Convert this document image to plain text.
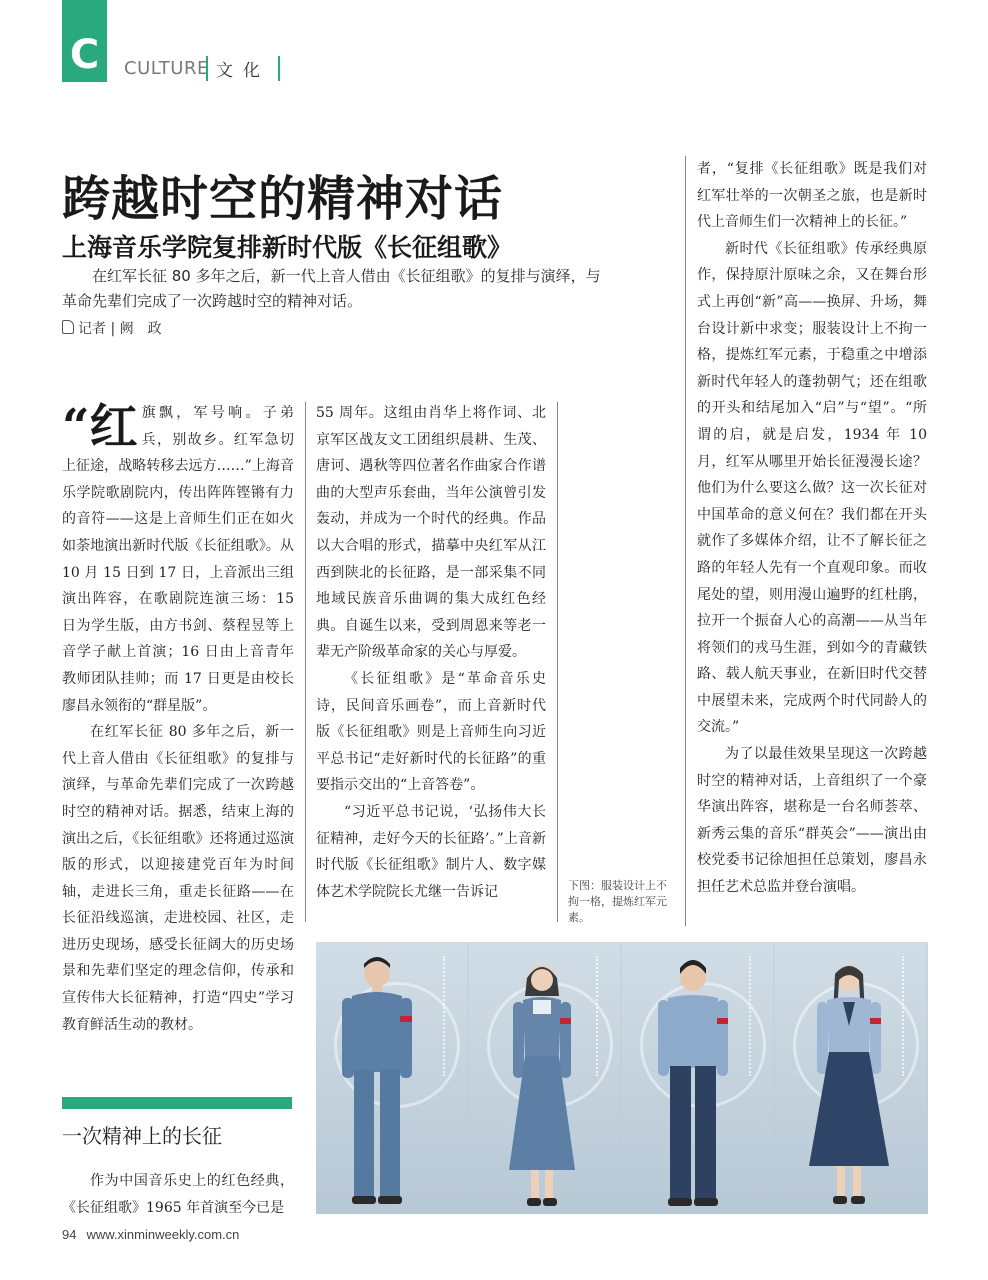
C CULTURE 文化
跨越时空的精神对话
上海音乐学院复排新时代版《长征组歌》
在红军长征 80 多年之后，新一代上音人借由《长征组歌》的复排与演绎，与革命先辈们完成了一次跨越时空的精神对话。
记者 | 阙　政

“红旗飘，军号响。子弟兵，别故乡。红军急切上征途，战略转移去远方……”上海音乐学院歌剧院内，传出阵阵铿锵有力的音符——这是上音师生们正在如火如荼地演出新时代版《长征组歌》。从 10 月 15 日到 17 日，上音派出三组演出阵容，在歌剧院连演三场：15 日为学生版，由方书剑、蔡程昱等上音学子献上首演；16 日由上音青年教师团队挂帅；而 17 日更是由校长廖昌永领衔的“群星版”。

在红军长征 80 多年之后，新一代上音人借由《长征组歌》的复排与演绎，与革命先辈们完成了一次跨越时空的精神对话。据悉，结束上海的演出之后，《长征组歌》还将通过巡演版的形式，以迎接建党百年为时间轴，走进长三角，重走长征路——在长征沿线巡演，走进校园、社区，走进历史现场，感受长征阔大的历史场景和先辈们坚定的理念信仰，传承和宣传伟大长征精神，打造“四史”学习教育鲜活生动的教材。

55 周年。这组由肖华上将作词、北京军区战友文工团组织晨耕、生茂、唐诃、遇秋等四位著名作曲家合作谱曲的大型声乐套曲，当年公演曾引发轰动，并成为一个时代的经典。作品以大合唱的形式，描摹中央红军从江西到陕北的长征路，是一部采集不同地域民族音乐曲调的集大成红色经典。自诞生以来，受到周恩来等老一辈无产阶级革命家的关心与厚爱。

《长征组歌》是“革命音乐史诗，民间音乐画卷”，而上音新时代版《长征组歌》则是上音师生向习近平总书记“走好新时代的长征路”的重要指示交出的“上音答卷”。

“习近平总书记说，‘弘扬伟大长征精神，走好今天的长征路’。”上音新时代版《长征组歌》制片人、数字媒体艺术学院院长尤继一告诉记	下图：服装设计上不拘一格，提炼红军元素。

者，“复排《长征组歌》既是我们对红军壮举的一次朝圣之旅，也是新时代上音师生们一次精神上的长征。”

新时代《长征组歌》传承经典原作，保持原汁原味之余，又在舞台形式上再创“新”高——换屏、升场，舞台设计新中求变；服装设计上不拘一格，提炼红军元素，于稳重之中增添新时代年轻人的蓬勃朝气；还在组歌的开头和结尾加入“启”与“望”。“所谓的启，就是启发，1934 年 10 月，红军从哪里开始长征漫漫长途？他们为什么要这么做？这一次长征对中国革命的意义何在？我们都在开头就作了多媒体介绍，让不了解长征之路的年轻人先有一个直观印象。而收尾处的望，则用漫山遍野的红杜鹃，拉开一个振奋人心的高潮——从当年将领们的戎马生涯，到如今的青藏铁路、载人航天事业，在新旧时代交替中展望未来，完成两个时代同龄人的交流。”

为了以最佳效果呈现这一次跨越时空的精神对话，上音组织了一个豪华演出阵容，堪称是一台名师荟萃、新秀云集的音乐“群英会”——演出由校党委书记徐旭担任总策划，廖昌永担任艺术总监并登台演唱。

一次精神上的长征

作为中国音乐史上的红色经典，《长征组歌》1965 年首演至今已是

94 www.xinminweekly.com.cn
